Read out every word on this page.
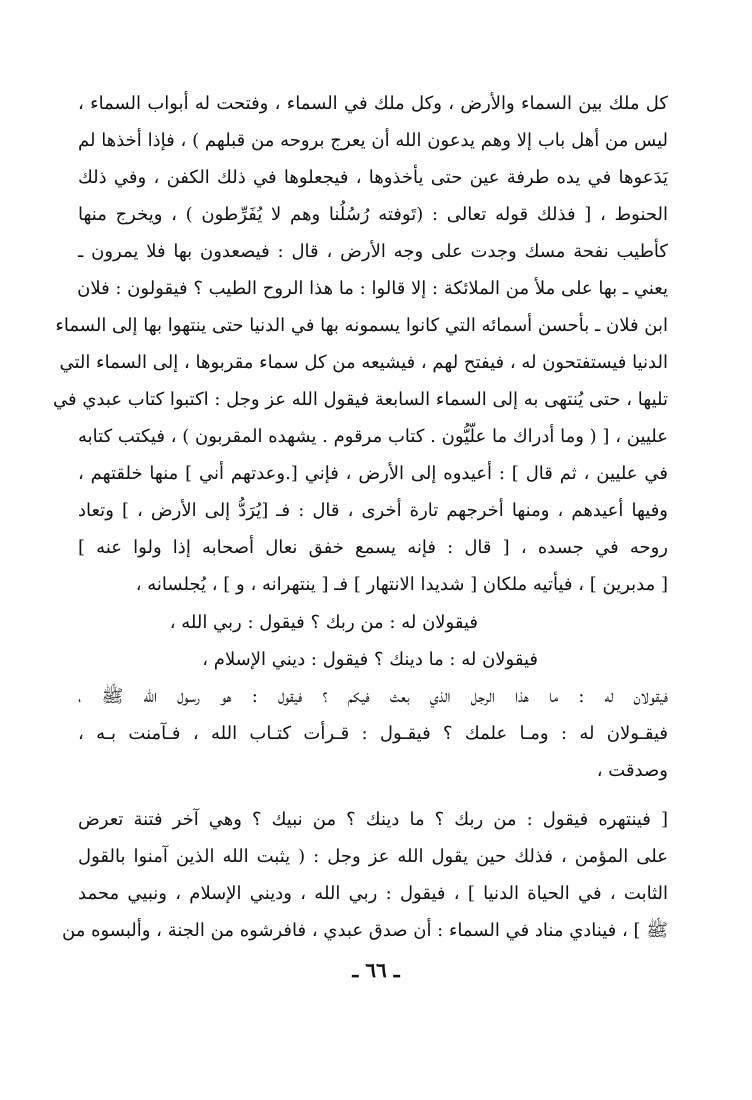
كل ملك بين السماء والأرض ، وكل ملك في السماء ، وفتحت له أبواب السماء ،
ليس من أهل باب إلا وهم يدعون الله أن يعرج بروحه من قبلهم ) ، فإذا أخذها لم
يَدَعوها في يده طرفة عين حتى يأخذوها ، فيجعلوها في ذلك الكفن ، وفي ذلك
الحنوط ، [ فذلك قوله تعالى : (تَوفته رُسُلُنا وهم لا يُفَرِّطون ) ، ويخرج منها
كأطيب نفحة مسك وجدت على وجه الأرض ، قال : فيصعدون بها فلا يمرون ـ
يعني ـ بها على ملأ من الملائكة : إلا قالوا : ما هذا الروح الطيب ؟ فيقولون : فلان
ابن فلان ـ بأحسن أسمائه التي كانوا يسمونه بها في الدنيا حتى ينتهوا بها إلى السماء
الدنيا فيستفتحون له ، فيفتح لهم ، فيشيعه من كل سماء مقربوها ، إلى السماء التي
تليها ، حتى يُنتهى به إلى السماء السابعة فيقول الله عز وجل : اكتبوا كتاب عبدي في
عليين ، [ ( وما أدراك ما علّيُّون . كتاب مرقوم . يشهده المقربون ) ، فيكتب كتابه
في عليين ، ثم قال ] : أعيدوه إلى الأرض ، فإني [.وعدتهم أني ] منها خلقتهم ،
وفيها أعيدهم ، ومنها أخرجهم تارة أخرى ، قال : فـ [يُرَدُّ إلى الأرض ، ] وتعاد
روحه في جسده ، [ قال : فإنه يسمع خفق نعال أصحابه إذا ولوا عنه ]
[ مدبرين ] ، فيأتيه ملكان [ شديدا الانتهار ] فـ [ ينتهرانه ، و ] ، يُجلسانه ،
فيقولان له : من ربك ؟ فيقول : ربي الله ،
فيقولان له : ما دينك ؟ فيقول : ديني الإسلام ،
فيقولان له : ما هذا الرجل الذي بعث فيكم ؟ فيقول : هو رسول الله ﷺ ،
فيقـولان له : ومـا علمك ؟ فيقـول : قـرأت كتـاب الله ، فـآمنت بـه ،
وصدقت ،
[ فينتهره فيقول : من ربك ؟ ما دينك ؟ من نبيك ؟ وهي آخر فتنة تعرض
على المؤمن ، فذلك حين يقول الله عز وجل : ( يثبت الله الذين آمنوا بالقول
الثابت ، في الحياة الدنيا ] ، فيقول : ربي الله ، وديني الإسلام ، ونبيي محمد
ﷺ ] ، فينادي مناد في السماء : أن صدق عبدي ، فافرشوه من الجنة ، وألبسوه من
ـ ٦٦ ـ
